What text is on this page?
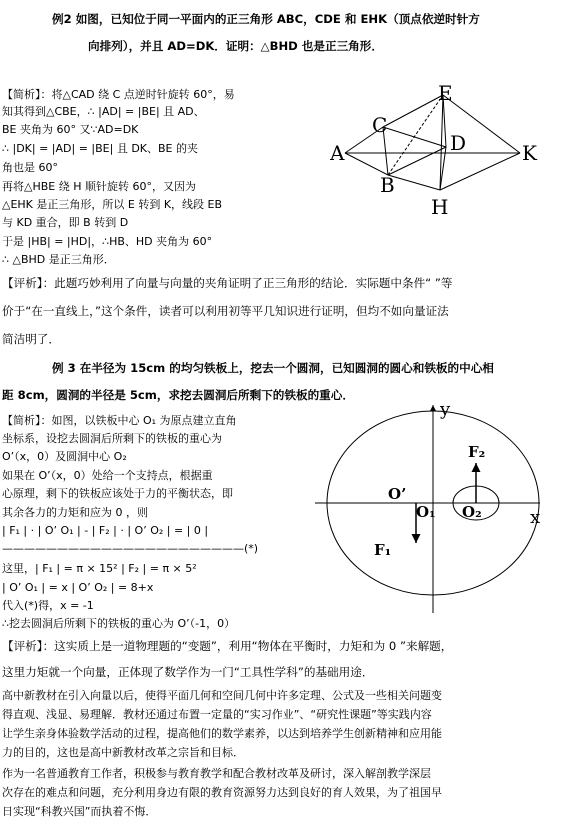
例2 如图，已知位于同一平面内的正三角形 ABC，CDE 和 EHK（顶点依逆时针方
向排列），并且 AD=DK．证明：△BHD 也是正三角形．
【简析】：将△CAD 绕 C 点逆时针旋转 60°，易
知其得到△CBE，∴ |AD| = |BE| 且 AD、
BE 夹角为 60° 又∵AD=DK
∴ |DK| = |AD| = |BE| 且 DK、BE 的夹
角也是 60°
再将△HBE 绕 H 顺针旋转 60°，又因为
△EHK 是正三角形，所以 E 转到 K，线段 EB
与 KD 重合，即 B 转到 D
于是 |HB| = |HD|，∴HB、HD 夹角为 60°
∴ △BHD 是正三角形．
A
C
B
E
D
H
K
【评析】：此题巧妙利用了向量与向量的夹角证明了正三角形的结论．实际题中条件“ ”等
价于“在一直线上，”这个条件，读者可以利用初等平几知识进行证明，但均不如向量证法
简洁明了．
例 3 在半径为 15cm 的均匀铁板上，挖去一个圆洞，已知圆洞的圆心和铁板的中心相
距 8cm，圆洞的半径是 5cm，求挖去圆洞后所剩下的铁板的重心．
【简析】：如图，以铁板中心 O₁ 为原点建立直角
坐标系，设挖去圆洞后所剩下的铁板的重心为
O’（x，0）及圆洞中心 O₂
如果在 O’（x，0）处给一个支持点，根据重
心原理，剩下的铁板应该处于力的平衡状态，即
其余各力的力矩和应为 0 ，则
| F₁ | · | O’ O₁ | - | F₂ | · | O’ O₂ | = | 0 |
——————————————————————(*)
这里，| F₁ | = π × 15² | F₂ | = π × 5²
| O’ O₁ | = x | O’ O₂ | = 8+x
代入(*)得，x = -1
∴挖去圆洞后所剩下的铁板的重心为 O’（-1，0）
y
x
F₂
F₁
O’
O₁ O₂
【评析】：这实质上是一道物理题的“变题”，利用“物体在平衡时，力矩和为 0 ”来解题，
这里力矩就一个向量，正体现了数学作为一门“工具性学科”的基础用途．
高中新教材在引入向量以后，使得平面几何和空间几何中许多定理、公式及一些相关问题变
得直观、浅显、易理解．教材还通过布置一定量的“实习作业”、“研究性课题”等实践内容
让学生亲身体验数学活动的过程，提高他们的数学素养，以达到培养学生创新精神和应用能
力的目的，这也是高中新教材改革之宗旨和目标．
作为一名普通教育工作者，积极参与教育教学和配合教材改革及研讨，深入解剖教学深层
次存在的难点和问题，充分利用身边有限的教育资源努力达到良好的育人效果，为了祖国早
日实现“科教兴国”而执着不悔．
